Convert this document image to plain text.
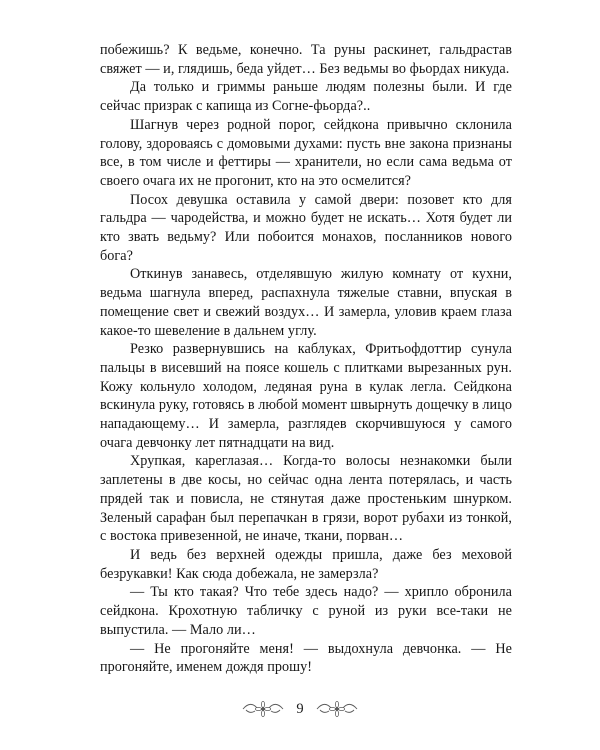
побежишь? К ведьме, конечно. Та руны раскинет, гальдрастав свяжет — и, глядишь, беда уйдет… Без ведьмы во фьордах никуда.

Да только и гриммы раньше людям полезны были. И где сейчас призрак с капища из Согне-фьорда?..

Шагнув через родной порог, сейдкона привычно склонила голову, здороваясь с домовыми духами: пусть вне закона признаны все, в том числе и феттиры — хранители, но если сама ведьма от своего очага их не прогонит, кто на это осмелится?

Посох девушка оставила у самой двери: позовет кто для гальдра — чародейства, и можно будет не искать… Хотя будет ли кто звать ведьму? Или побоится монахов, посланников нового бога?

Откинув занавесь, отделявшую жилую комнату от кухни, ведьма шагнула вперед, распахнула тяжелые ставни, впуская в помещение свет и свежий воздух… И замерла, уловив краем глаза какое-то шевеление в дальнем углу.

Резко развернувшись на каблуках, Фритьофдоттир сунула пальцы в висевший на поясе кошель с плитками вырезанных рун. Кожу кольнуло холодом, ледяная руна в кулак легла. Сейдкона вскинула руку, готовясь в любой момент швырнуть дощечку в лицо нападающему… И замерла, разглядев скорчившуюся у самого очага девчонку лет пятнадцати на вид.

Хрупкая, кареглазая… Когда-то волосы незнакомки были заплетены в две косы, но сейчас одна лента потерялась, и часть прядей так и повисла, не стянутая даже простеньким шнурком. Зеленый сарафан был перепачкан в грязи, ворот рубахи из тонкой, с востока привезенной, не иначе, ткани, порван…

И ведь без верхней одежды пришла, даже без меховой безрукавки! Как сюда добежала, не замерзла?

— Ты кто такая? Что тебе здесь надо? — хрипло обронила сейдкона. Крохотную табличку с руной из руки все-таки не выпустила. — Мало ли…

— Не прогоняйте меня! — выдохнула девчонка. — Не прогоняйте, именем дождя прошу!

9
